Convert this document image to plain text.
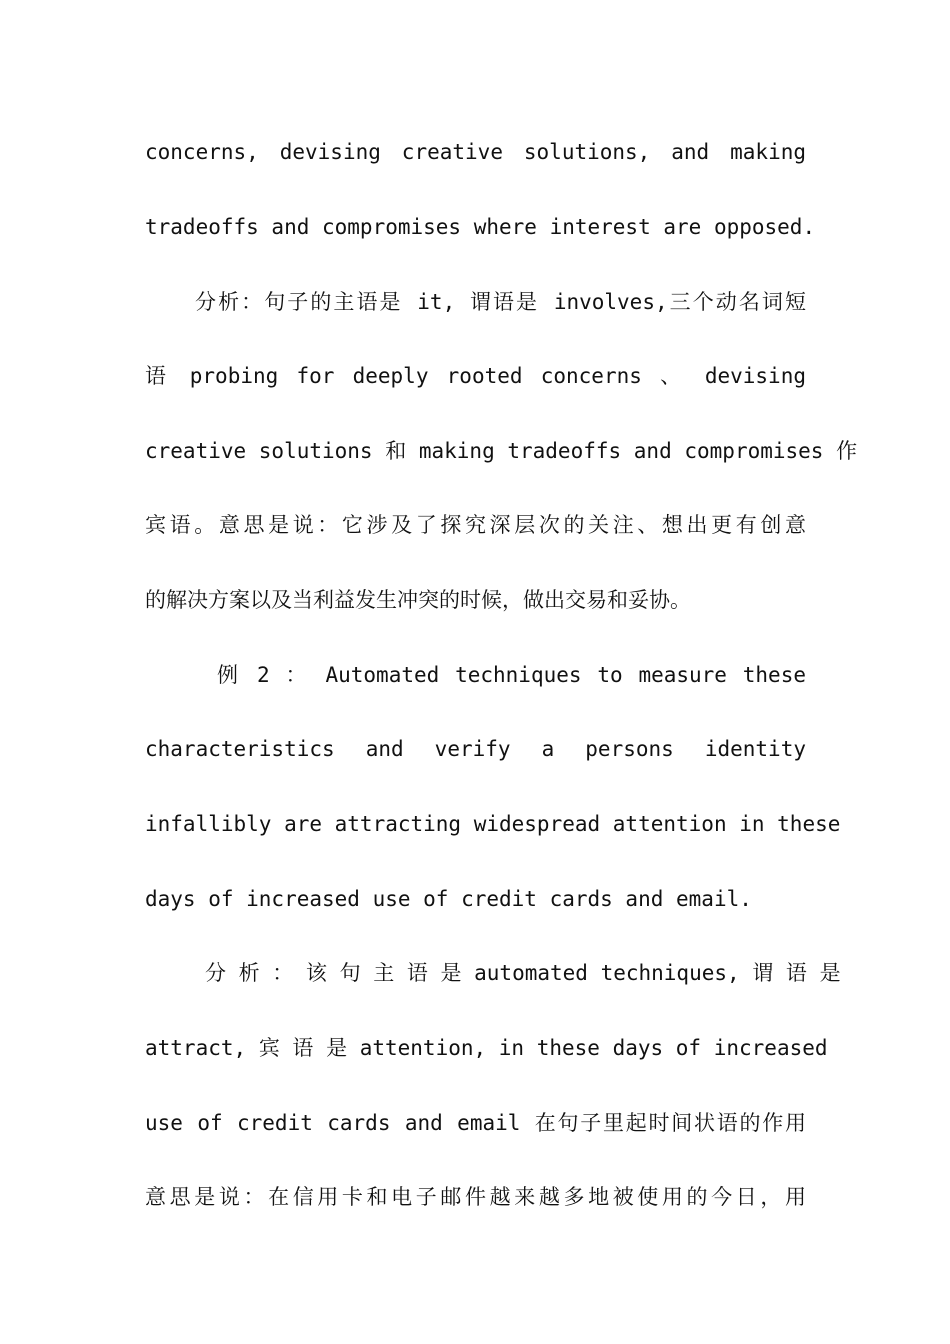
concerns, devising creative solutions, and making
tradeoffs and compromises where interest are opposed.
分析：句子的主语是 it, 谓语是 involves,三个动名词短
语 probing for deeply rooted concerns 、 devising
creative solutions 和 making tradeoffs and compromises 作
宾语。意思是说：它涉及了探究深层次的关注、想出更有创意
的解决方案以及当利益发生冲突的时候，做出交易和妥协。
例 2 ： Automated techniques to measure these
characteristics and verify a persons identity
infallibly are attracting widespread attention in these
days of increased use of credit cards and email.
分 析 ： 该 句 主 语 是 automated techniques, 谓 语 是
attract, 宾 语 是 attention, in these days of increased
use of credit cards and email 在句子里起时间状语的作用
意思是说：在信用卡和电子邮件越来越多地被使用的今日，用
